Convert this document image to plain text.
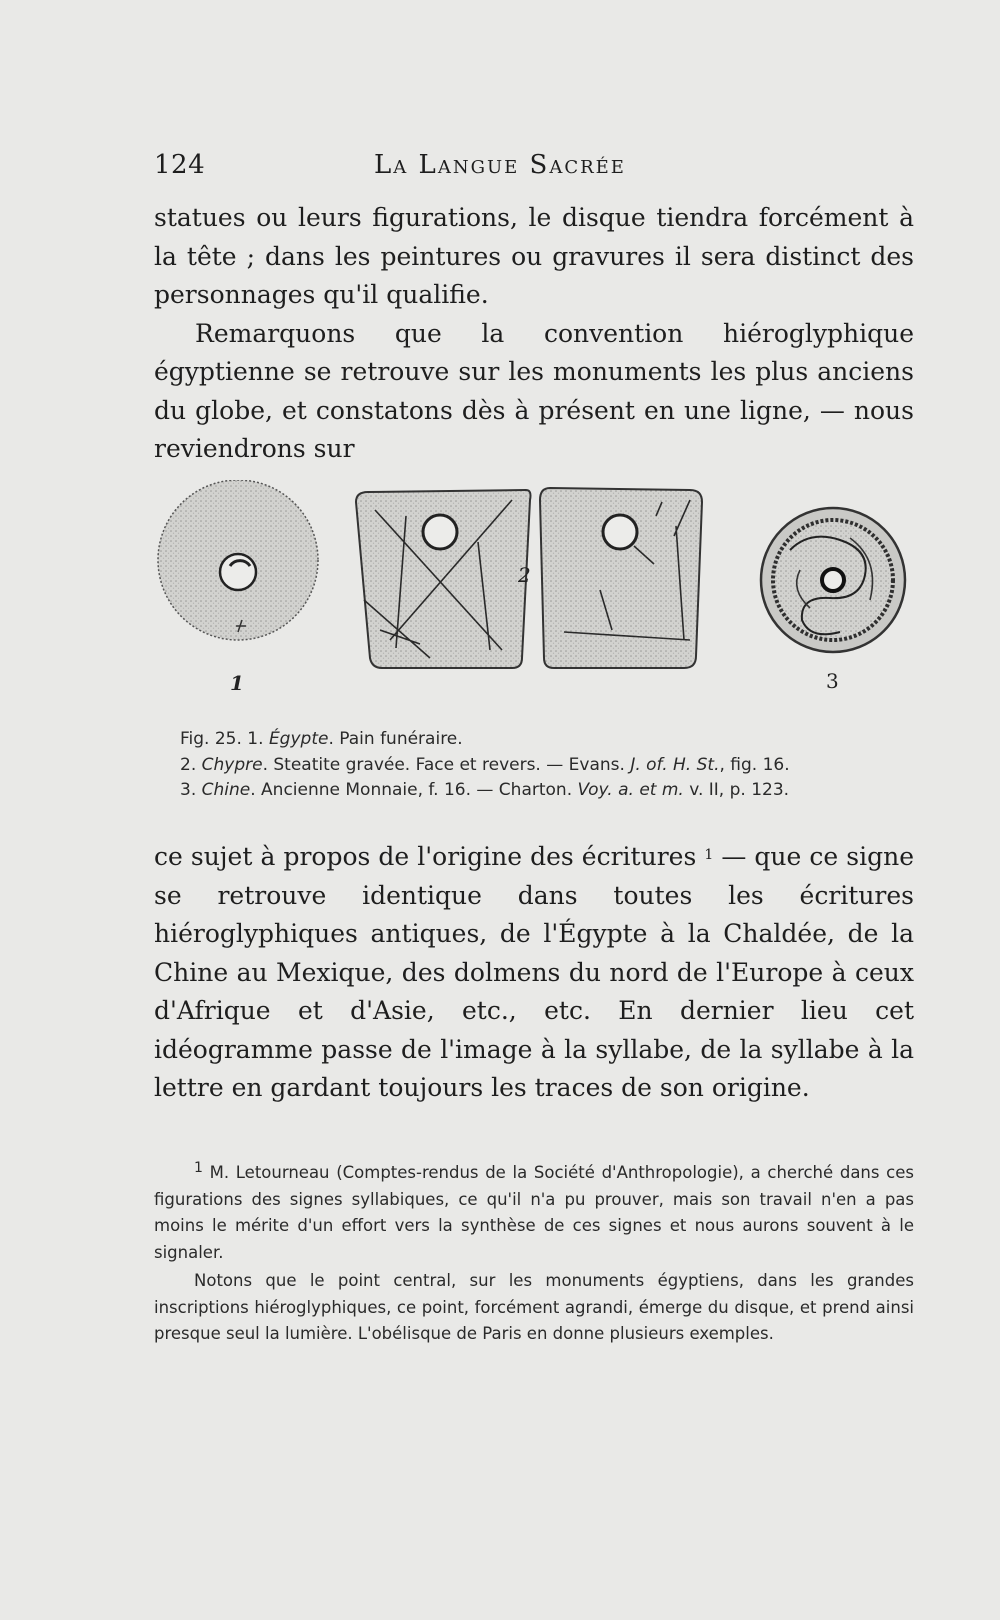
124	La Langue Sacrée

statues ou leurs figurations, le disque tiendra forcément à la tête ; dans les peintures ou gravures il sera distinct des personnages qu'il qualifie.

Remarquons que la convention hiéroglyphique égyptienne se retrouve sur les monuments les plus anciens du globe, et constatons dès à présent en une ligne, — nous reviendrons sur

1
2
3
Fig. 25. 1. Égypte. Pain funéraire.
2. Chypre. Steatite gravée. Face et revers. — Evans. J. of. H. St., fig. 16.
3. Chine. Ancienne Monnaie, f. 16. — Charton. Voy. a. et m. v. II, p. 123.

ce sujet à propos de l'origine des écritures $^1$ — que ce signe se retrouve identique dans toutes les écritures hiéroglyphiques antiques, de l'Égypte à la Chaldée, de la Chine au Mexique, des dolmens du nord de l'Europe à ceux d'Afrique et d'Asie, etc., etc. En dernier lieu cet idéogramme passe de l'image à la syllabe, de la syllabe à la lettre en gardant toujours les traces de son origine.

$^1$ M. Letourneau (Comptes-rendus de la Société d'Anthropologie), a cherché dans ces figurations des signes syllabiques, ce qu'il n'a pu prouver, mais son travail n'en a pas moins le mérite d'un effort vers la synthèse de ces signes et nous aurons souvent à le signaler.

Notons que le point central, sur les monuments égyptiens, dans les grandes inscriptions hiéroglyphiques, ce point, forcément agrandi, émerge du disque, et prend ainsi presque seul la lumière. L'obélisque de Paris en donne plusieurs exemples.
